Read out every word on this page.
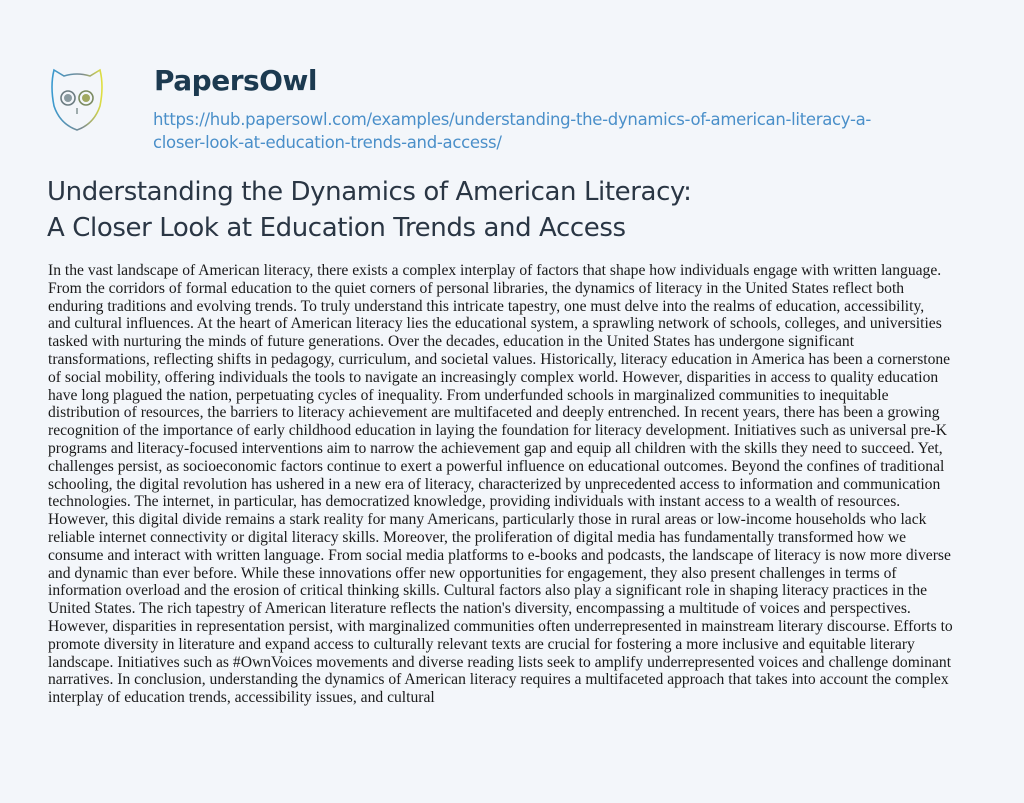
PapersOwl
https://hub.papersowl.com/examples/understanding-the-dynamics-of-american-literacy-a-
closer-look-at-education-trends-and-access/
Understanding the Dynamics of American Literacy:
A Closer Look at Education Trends and Access
In the vast landscape of American literacy, there exists a complex interplay of factors that shape how individuals engage with written language.
From the corridors of formal education to the quiet corners of personal libraries, the dynamics of literacy in the United States reflect both
enduring traditions and evolving trends. To truly understand this intricate tapestry, one must delve into the realms of education, accessibility,
and cultural influences. At the heart of American literacy lies the educational system, a sprawling network of schools, colleges, and universities
tasked with nurturing the minds of future generations. Over the decades, education in the United States has undergone significant
transformations, reflecting shifts in pedagogy, curriculum, and societal values. Historically, literacy education in America has been a cornerstone
of social mobility, offering individuals the tools to navigate an increasingly complex world. However, disparities in access to quality education
have long plagued the nation, perpetuating cycles of inequality. From underfunded schools in marginalized communities to inequitable
distribution of resources, the barriers to literacy achievement are multifaceted and deeply entrenched. In recent years, there has been a growing
recognition of the importance of early childhood education in laying the foundation for literacy development. Initiatives such as universal pre-K
programs and literacy-focused interventions aim to narrow the achievement gap and equip all children with the skills they need to succeed. Yet,
challenges persist, as socioeconomic factors continue to exert a powerful influence on educational outcomes. Beyond the confines of traditional
schooling, the digital revolution has ushered in a new era of literacy, characterized by unprecedented access to information and communication
technologies. The internet, in particular, has democratized knowledge, providing individuals with instant access to a wealth of resources.
However, this digital divide remains a stark reality for many Americans, particularly those in rural areas or low-income households who lack
reliable internet connectivity or digital literacy skills. Moreover, the proliferation of digital media has fundamentally transformed how we
consume and interact with written language. From social media platforms to e-books and podcasts, the landscape of literacy is now more diverse
and dynamic than ever before. While these innovations offer new opportunities for engagement, they also present challenges in terms of
information overload and the erosion of critical thinking skills. Cultural factors also play a significant role in shaping literacy practices in the
United States. The rich tapestry of American literature reflects the nation's diversity, encompassing a multitude of voices and perspectives.
However, disparities in representation persist, with marginalized communities often underrepresented in mainstream literary discourse. Efforts to
promote diversity in literature and expand access to culturally relevant texts are crucial for fostering a more inclusive and equitable literary
landscape. Initiatives such as #OwnVoices movements and diverse reading lists seek to amplify underrepresented voices and challenge dominant
narratives. In conclusion, understanding the dynamics of American literacy requires a multifaceted approach that takes into account the complex
interplay of education trends, accessibility issues, and cultural
